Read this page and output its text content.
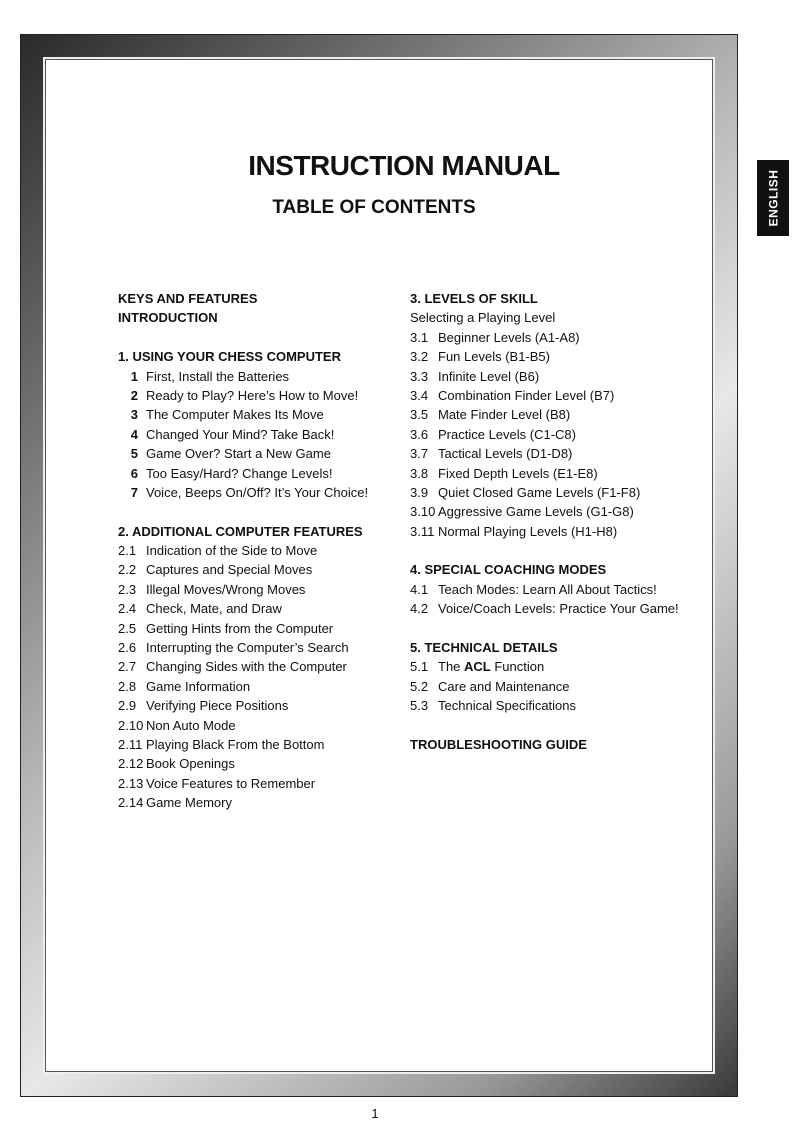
INSTRUCTION MANUAL
TABLE OF CONTENTS	ENGLISH
KEYS AND FEATURES
INTRODUCTION
1. USING YOUR CHESS COMPUTER
1 First, Install the Batteries
2 Ready to Play? Here’s How to Move!
3 The Computer Makes Its Move
4 Changed Your Mind? Take Back!
5 Game Over? Start a New Game
6 Too Easy/Hard? Change Levels!
7 Voice, Beeps On/Off? It’s Your Choice!
2. ADDITIONAL COMPUTER FEATURES
2.1 Indication of the Side to Move
2.2 Captures and Special Moves
2.3 Illegal Moves/Wrong Moves
2.4 Check, Mate, and Draw
2.5 Getting Hints from the Computer
2.6 Interrupting the Computer’s Search
2.7 Changing Sides with the Computer
2.8 Game Information
2.9 Verifying Piece Positions
2.10 Non Auto Mode
2.11 Playing Black From the Bottom
2.12 Book Openings
2.13 Voice Features to Remember
2.14 Game Memory
3. LEVELS OF SKILL
Selecting a Playing Level
3.1 Beginner Levels (A1-A8)
3.2 Fun Levels (B1-B5)
3.3 Infinite Level (B6)
3.4 Combination Finder Level (B7)
3.5 Mate Finder Level (B8)
3.6 Practice Levels (C1-C8)
3.7 Tactical Levels (D1-D8)
3.8 Fixed Depth Levels (E1-E8)
3.9 Quiet Closed Game Levels (F1-F8)
3.10 Aggressive Game Levels (G1-G8)
3.11 Normal Playing Levels (H1-H8)
4. SPECIAL COACHING MODES
4.1 Teach Modes: Learn All About Tactics!
4.2 Voice/Coach Levels: Practice Your Game!
5. TECHNICAL DETAILS
5.1 The ACL Function
5.2 Care and Maintenance
5.3 Technical Specifications
TROUBLESHOOTING GUIDE
1
